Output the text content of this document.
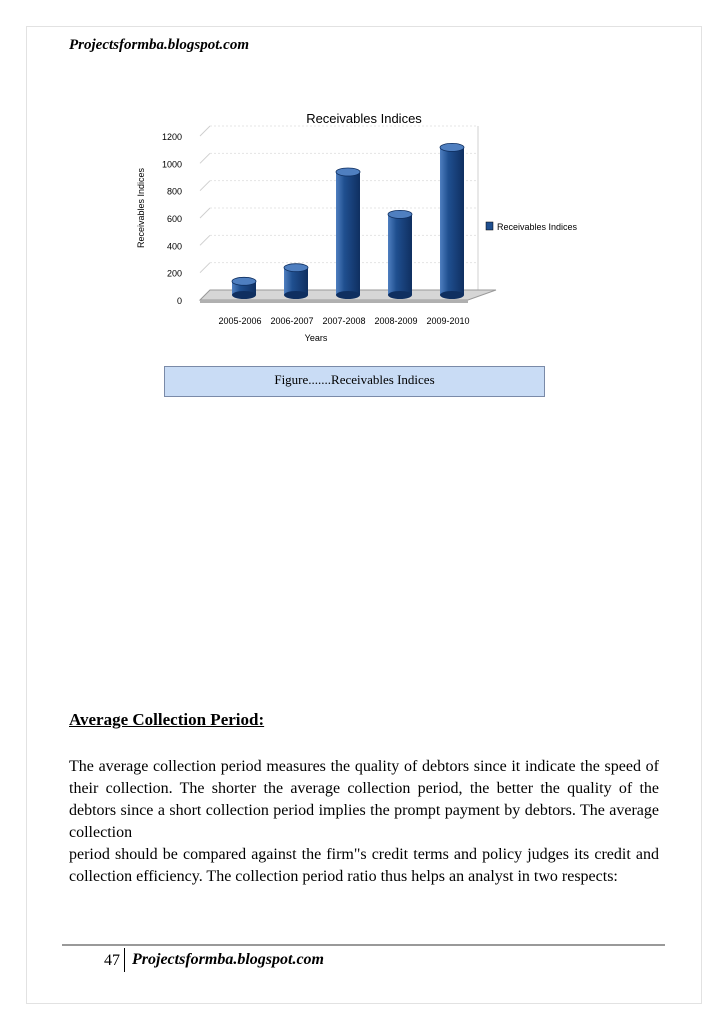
Projectsformba.blogspot.com
Receivables Indices
0
200
400
600
800
1000
1200
Receivables Indices
2005-2006 2006-2007 2007-2008 2008-2009 2009-2010
Years
Receivables Indices
Figure.......Receivables Indices
Average Collection Period:

The average collection period measures the quality of debtors since it indicate the speed of their collection. The shorter the average collection period, the better the quality of the debtors since a short collection period implies the prompt payment by debtors. The average collection

period should be compared against the firm"s credit terms and policy judges its credit and collection efficiency. The collection period ratio thus helps an analyst in two respects:

47 Projectsformba.blogspot.com
